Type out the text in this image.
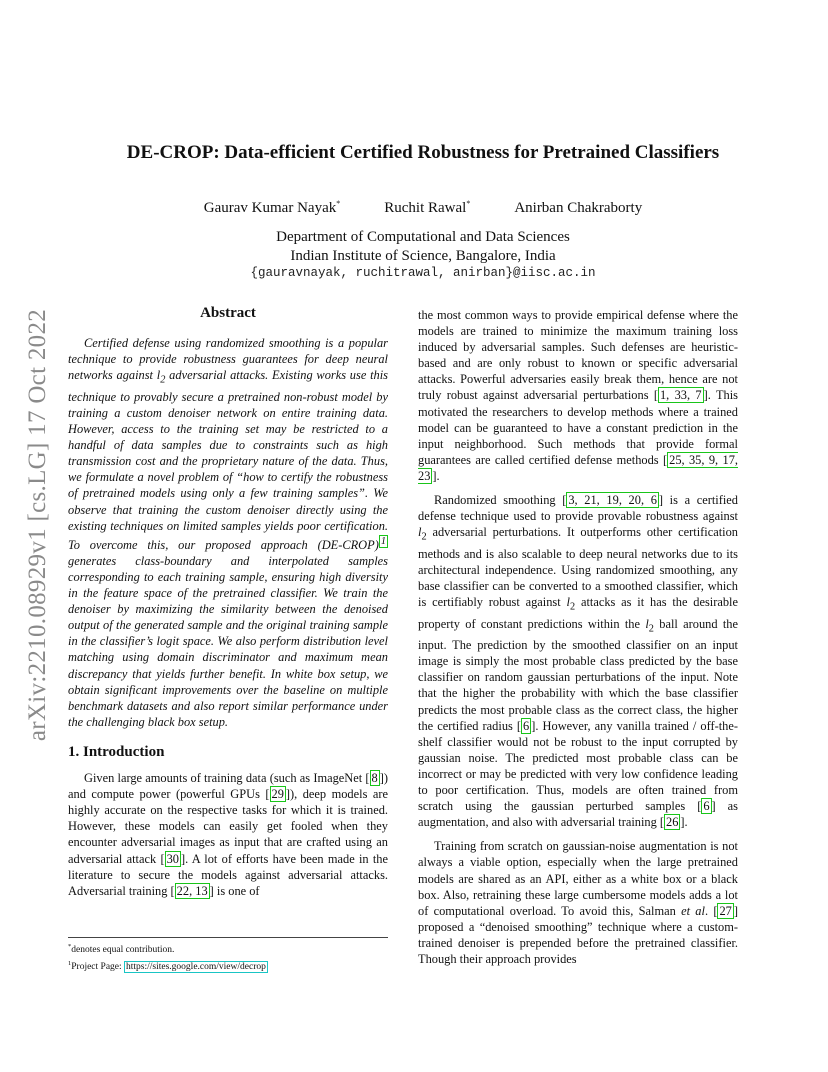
arXiv:2210.08929v1 [cs.LG] 17 Oct 2022
DE-CROP: Data-efficient Certified Robustness for Pretrained Classifiers
Gaurav Kumar Nayak*	Ruchit Rawal*	Anirban Chakraborty
Department of Computational and Data Sciences
Indian Institute of Science, Bangalore, India
{gauravnayak, ruchitrawal, anirban}@iisc.ac.in
Abstract

Certified defense using randomized smoothing is a popular technique to provide robustness guarantees for deep neural networks against $l_2$ adversarial attacks. Existing works use this technique to provably secure a pretrained non-robust model by training a custom denoiser network on entire training data. However, access to the training set may be restricted to a handful of data samples due to constraints such as high transmission cost and the proprietary nature of the data. Thus, we formulate a novel problem of “how to certify the robustness of pretrained models using only a few training samples”. We observe that training the custom denoiser directly using the existing techniques on limited samples yields poor certification. To overcome this, our proposed approach (DE-CROP) $^1$ generates class-boundary and interpolated samples corresponding to each training sample, ensuring high diversity in the feature space of the pretrained classifier. We train the denoiser by maximizing the similarity between the denoised output of the generated sample and the original training sample in the classifier’s logit space. We also perform distribution level matching using domain discriminator and maximum mean discrepancy that yields further benefit. In white box setup, we obtain significant improvements over the baseline on multiple benchmark datasets and also report similar performance under the challenging black box setup.

1. Introduction

Given large amounts of training data (such as ImageNet [ 8 ]) and compute power (powerful GPUs [ 29 ]), deep models are highly accurate on the respective tasks for which it is trained. However, these models can easily get fooled when they encounter adversarial images as input that are crafted using an adversarial attack [ 30 ]. A lot of efforts have been made in the literature to secure the models against adversarial attacks. Adversarial training [ 22, 13 ] is one of

the most common ways to provide empirical defense where the models are trained to minimize the maximum training loss induced by adversarial samples. Such defenses are heuristic-based and are only robust to known or specific adversarial attacks. Powerful adversaries easily break them, hence are not truly robust against adversarial perturbations [ 1, 33, 7 ]. This motivated the researchers to develop methods where a trained model can be guaranteed to have a constant prediction in the input neighborhood. Such methods that provide formal guarantees are called certified defense methods [ 25, 35, 9, 17, 23 ].

Randomized smoothing [ 3, 21, 19, 20, 6 ] is a certified defense technique used to provide provable robustness against $l_2$ adversarial perturbations. It outperforms other certification methods and is also scalable to deep neural networks due to its architectural independence. Using randomized smoothing, any base classifier can be converted to a smoothed classifier, which is certifiably robust against $l_2$ attacks as it has the desirable property of constant predictions within the $l_2$ ball around the input. The prediction by the smoothed classifier on an input image is simply the most probable class predicted by the base classifier on random gaussian perturbations of the input. Note that the higher the probability with which the base classifier predicts the most probable class as the correct class, the higher the certified radius [ 6 ]. However, any vanilla trained / off-the-shelf classifier would not be robust to the input corrupted by gaussian noise. The predicted most probable class can be incorrect or may be predicted with very low confidence leading to poor certification. Thus, models are often trained from scratch using the gaussian perturbed samples [ 6 ] as augmentation, and also with adversarial training [ 26 ].

Training from scratch on gaussian-noise augmentation is not always a viable option, especially when the large pretrained models are shared as an API, either as a white box or a black box. Also, retraining these large cumbersome models adds a lot of computational overload. To avoid this, Salman et al. [ 27 ] proposed a “denoised smoothing” technique where a custom-trained denoiser is prepended before the pretrained classifier. Though their approach provides

*denotes equal contribution.
$^1$Project Page: https://sites.google.com/view/decrop
